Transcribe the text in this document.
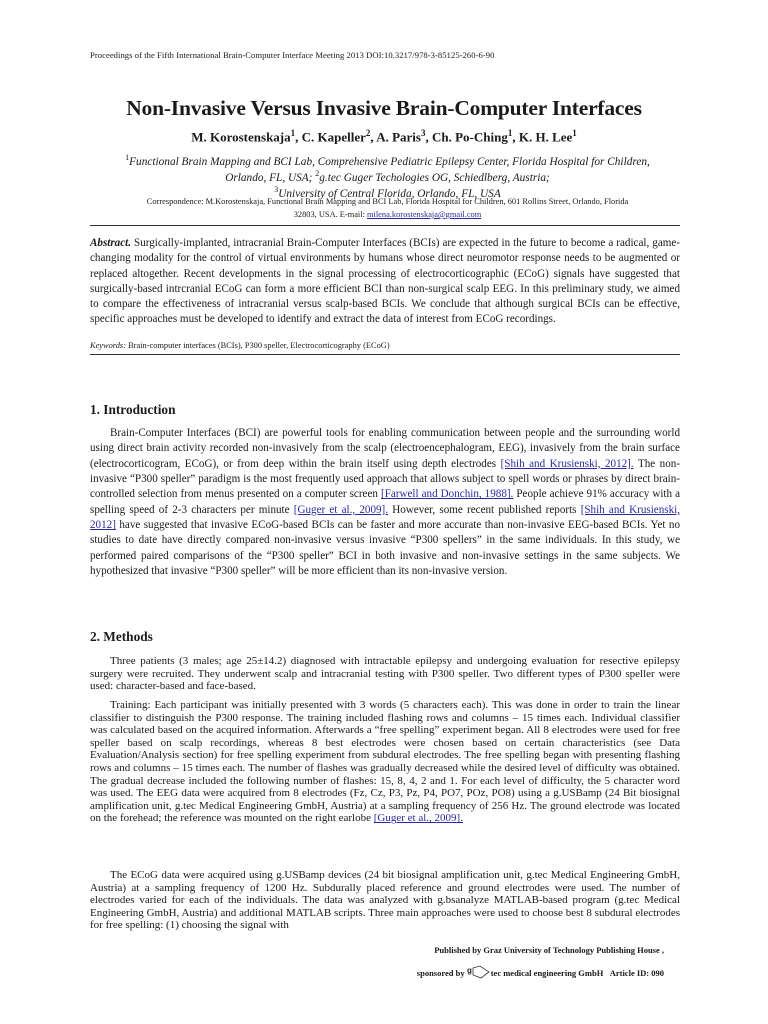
Proceedings of the Fifth International Brain-Computer Interface Meeting 2013 DOI:10.3217/978-3-85125-260-6-90
Non-Invasive Versus Invasive Brain-Computer Interfaces
M. Korostenskaja$^1$, C. Kapeller$^2$, A. Paris$^3$, Ch. Po-Ching$^1$, K. H. Lee$^1$
$^1$Functional Brain Mapping and BCI Lab, Comprehensive Pediatric Epilepsy Center, Florida Hospital for Children,
Orlando, FL, USA; $^2$g.tec Guger Techologies OG, Schiedlberg, Austria;
$^3$University of Central Florida, Orlando, FL, USA
Correspondence: M.Korostenskaja, Functional Brain Mapping and BCI Lab, Florida Hospital for Children, 601 Rollins Street, Orlando, Florida
32803, USA. E-mail: milena.korostenskaja@gmail.com

Abstract. Surgically-implanted, intracranial Brain-Computer Interfaces (BCIs) are expected in the future to become a radical, game-changing modality for the control of virtual environments by humans whose direct neuromotor response needs to be augmented or replaced altogether. Recent developments in the signal processing of electrocorticographic (ECoG) signals have suggested that surgically-based intrcranial ECoG can form a more efficient BCI than non-surgical scalp EEG. In this preliminary study, we aimed to compare the effectiveness of intracranial versus scalp-based BCIs. We conclude that although surgical BCIs can be effective, specific approaches must be developed to identify and extract the data of interest from ECoG recordings.

Keywords: Brain-computer interfaces (BCIs), P300 speller, Electrocorticography (ECoG)
1. Introduction

Brain-Computer Interfaces (BCI) are powerful tools for enabling communication between people and the surrounding world using direct brain activity recorded non-invasively from the scalp (electroencephalogram, EEG), invasively from the brain surface (electrocorticogram, ECoG), or from deep within the brain itself using depth electrodes [Shih and Krusienski, 2012]. The non-invasive “P300 speller” paradigm is the most frequently used approach that allows subject to spell words or phrases by direct brain-controlled selection from menus presented on a computer screen [Farwell and Donchin, 1988]. People achieve 91% accuracy with a spelling speed of 2-3 characters per minute [Guger et al., 2009]. However, some recent published reports [Shih and Krusienski, 2012] have suggested that invasive ECoG-based BCIs can be faster and more accurate than non-invasive EEG-based BCIs. Yet no studies to date have directly compared non-invasive versus invasive “P300 spellers” in the same individuals. In this study, we performed paired comparisons of the “P300 speller” BCI in both invasive and non-invasive settings in the same subjects. We hypothesized that invasive “P300 speller” will be more efficient than its non-invasive version.

2. Methods

Three patients (3 males; age 25±14.2) diagnosed with intractable epilepsy and undergoing evaluation for resective epilepsy surgery were recruited. They underwent scalp and intracranial testing with P300 speller. Two different types of P300 speller were used: character-based and face-based.

Training: Each participant was initially presented with 3 words (5 characters each). This was done in order to train the linear classifier to distinguish the P300 response. The training included flashing rows and columns – 15 times each. Individual classifier was calculated based on the acquired information. Afterwards a “free spelling” experiment began. All 8 electrodes were used for free speller based on scalp recordings, whereas 8 best electrodes were chosen based on certain characteristics (see Data Evaluation/Analysis section) for free spelling experiment from subdural electrodes. The free spelling began with presenting flashing rows and columns – 15 times each. The number of flashes was gradually decreased while the desired level of difficulty was obtained. The gradual decrease included the following number of flashes: 15, 8, 4, 2 and 1. For each level of difficulty, the 5 character word was used. The EEG data were acquired from 8 electrodes (Fz, Cz, P3, Pz, P4, PO7, POz, PO8) using a g.USBamp (24 Bit biosignal amplification unit, g.tec Medical Engineering GmbH, Austria) at a sampling frequency of 256 Hz. The ground electrode was located on the forehead; the reference was mounted on the right earlobe [Guger et al., 2009].

The ECoG data were acquired using g.USBamp devices (24 bit biosignal amplification unit, g.tec Medical Engineering GmbH, Austria) at a sampling frequency of 1200 Hz. Subdurally placed reference and ground electrodes were used. The number of electrodes varied for each of the individuals. The data was analyzed with g.bsanalyze MATLAB-based program (g.tec Medical Engineering GmbH, Austria) and additional MATLAB scripts. Three main approaches were used to choose best 8 subdural electrodes for free spelling: (1) choosing the signal with

Published by Graz University of Technology Publishing House ,
sponsored by g tec medical engineering GmbH Article ID: 090
